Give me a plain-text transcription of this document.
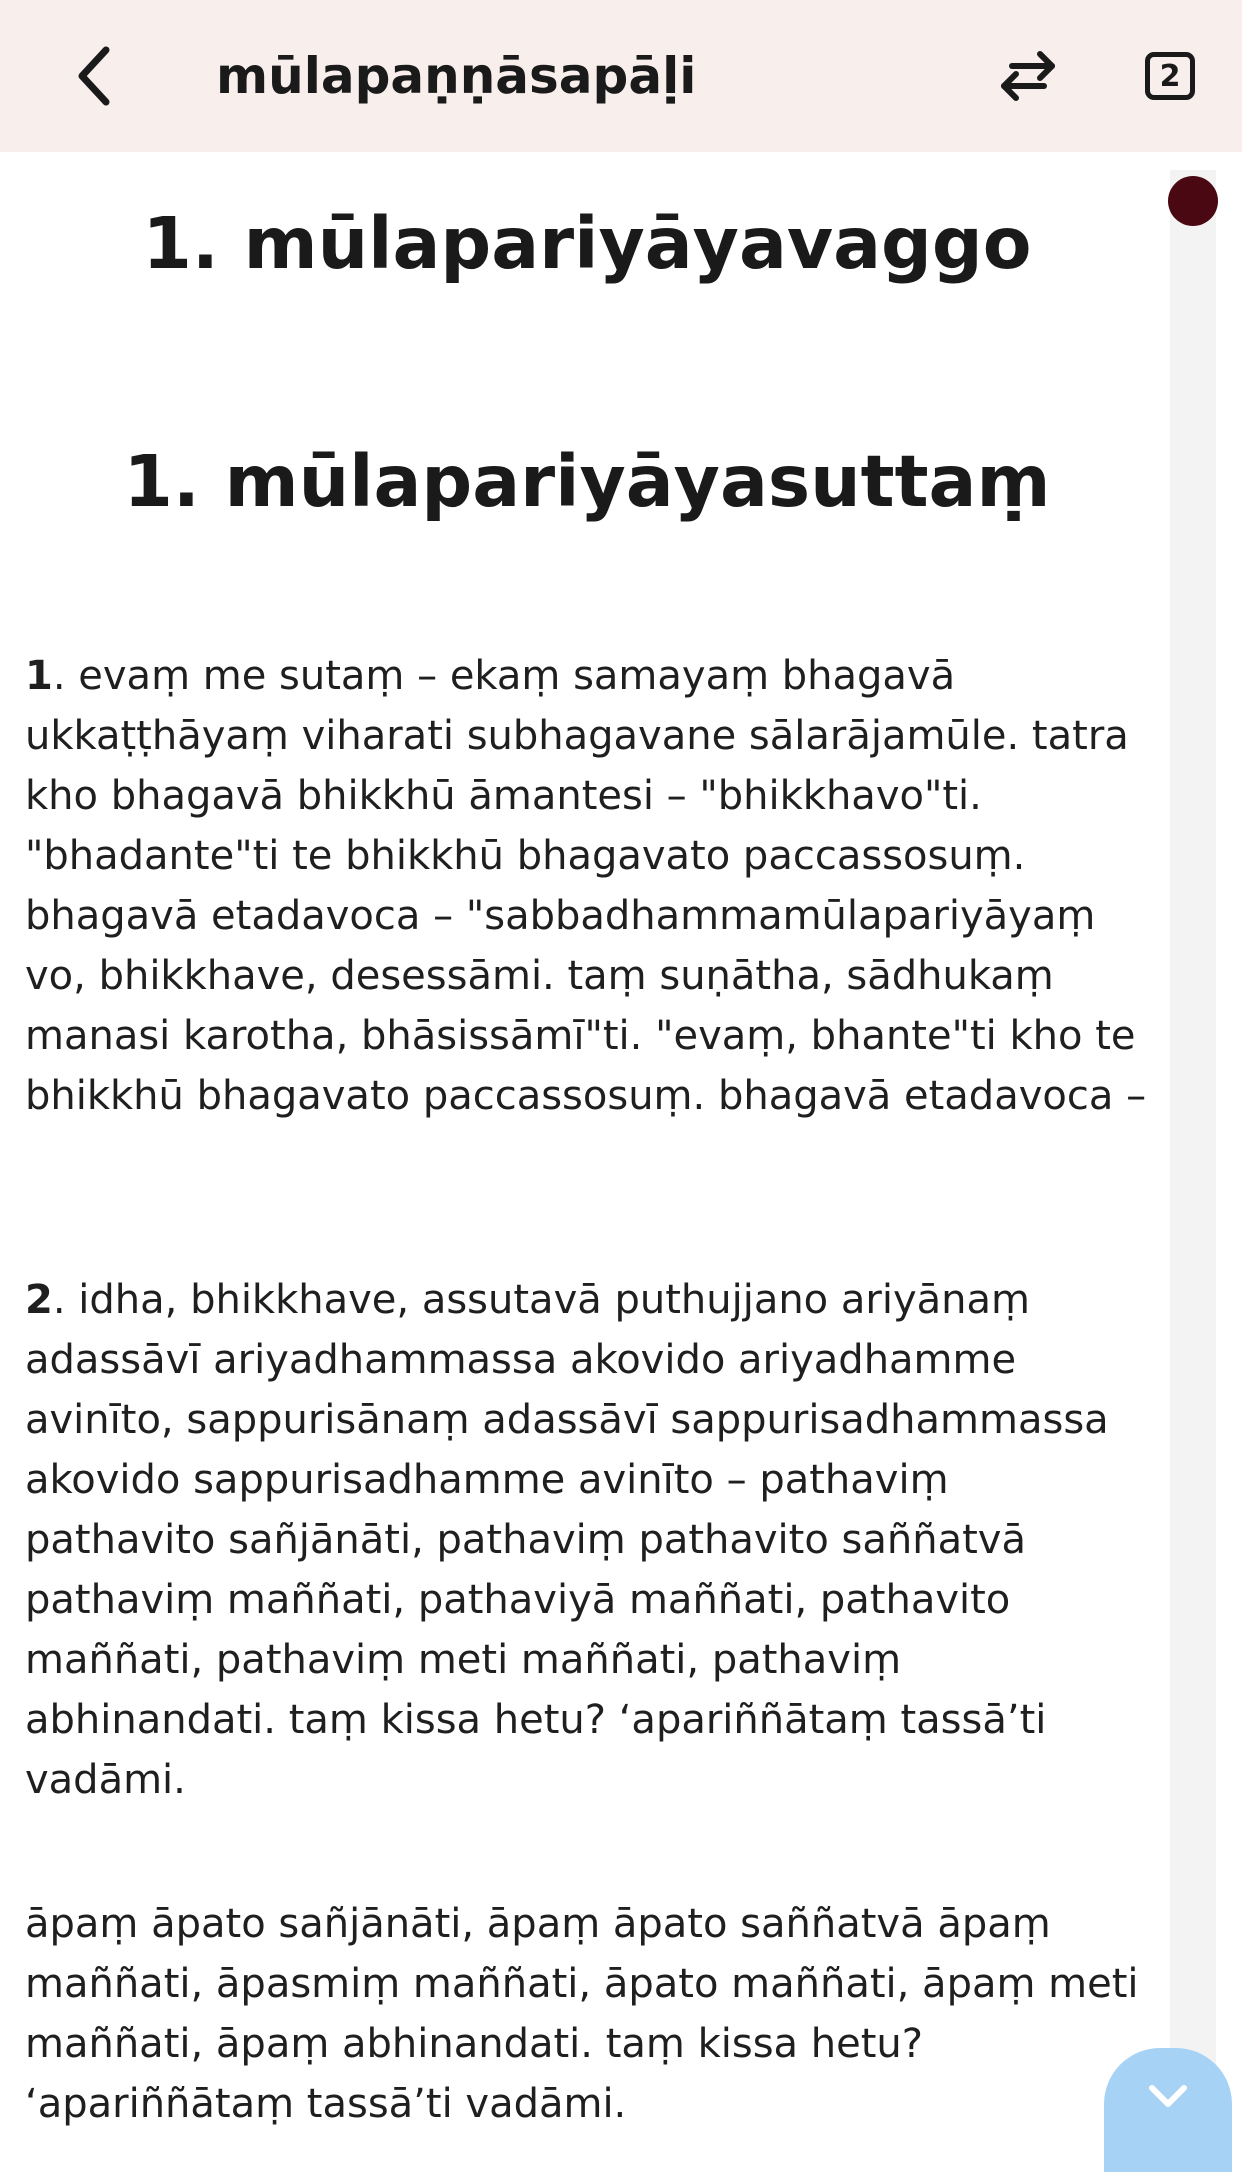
mūlapaṇṇāsapāḷi	2
1. mūlapariyāyavaggo
1. mūlapariyāyasuttaṃ

1. evaṃ me sutaṃ – ekaṃ samayaṃ bhagavā ukkaṭṭhāyaṃ viharati subhagavane sālarājamūle. tatra kho bhagavā bhikkhū āmantesi – "bhikkhavo"ti. "bhadante"ti te bhikkhū bhagavato paccassosuṃ. bhagavā etadavoca – "sabbadhammamūlapariyāyaṃ vo, bhikkhave, desessāmi. taṃ suṇātha, sādhukaṃ manasi karotha, bhāsissāmī"ti. "evaṃ, bhante"ti kho te bhikkhū bhagavato paccassosuṃ. bhagavā etadavoca –

2. idha, bhikkhave, assutavā puthujjano ariyānaṃ adassāvī ariyadhammassa akovido ariyadhamme avinīto, sappurisānaṃ adassāvī sappurisadhammassa akovido sappurisadhamme avinīto – pathaviṃ pathavito sañjānāti, pathaviṃ pathavito saññatvā pathaviṃ maññati, pathaviyā maññati, pathavito maññati, pathaviṃ meti maññati, pathaviṃ abhinandati. taṃ kissa hetu? ‘apariññātaṃ tassā’ti vadāmi.

āpaṃ āpato sañjānāti, āpaṃ āpato saññatvā āpaṃ maññati, āpasmiṃ maññati, āpato maññati, āpaṃ meti maññati, āpaṃ abhinandati. taṃ kissa hetu? ‘apariññātaṃ tassā’ti vadāmi.
